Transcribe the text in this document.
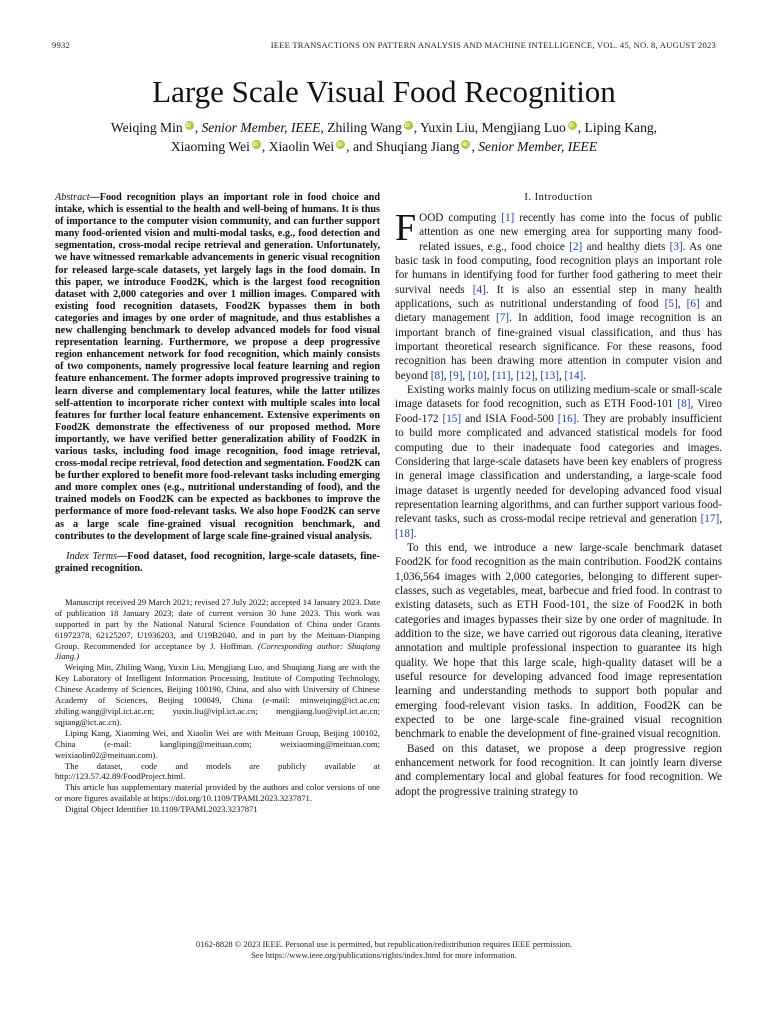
9932	IEEE TRANSACTIONS ON PATTERN ANALYSIS AND MACHINE INTELLIGENCE, VOL. 45, NO. 8, AUGUST 2023
Large Scale Visual Food Recognition
Weiqing Min iD , Senior Member, IEEE, Zhiling Wang iD , Yuxin Liu, Mengjiang Luo iD , Liping Kang,
Xiaoming Wei iD , Xiaolin Wei iD , and Shuqiang Jiang iD , Senior Member, IEEE
Abstract—Food recognition plays an important role in food choice and intake, which is essential to the health and well-being of humans. It is thus of importance to the computer vision community, and can further support many food-oriented vision and multi-modal tasks, e.g., food detection and segmentation, cross-modal recipe retrieval and generation. Unfortunately, we have witnessed remarkable advancements in generic visual recognition for released large-scale datasets, yet largely lags in the food domain. In this paper, we introduce Food2K, which is the largest food recognition dataset with 2,000 categories and over 1 million images. Compared with existing food recognition datasets, Food2K bypasses them in both categories and images by one order of magnitude, and thus establishes a new challenging benchmark to develop advanced models for food visual representation learning. Furthermore, we propose a deep progressive region enhancement network for food recognition, which mainly consists of two components, namely progressive local feature learning and region feature enhancement. The former adopts improved progressive training to learn diverse and complementary local features, while the latter utilizes self-attention to incorporate richer context with multiple scales into local features for further local feature enhancement. Extensive experiments on Food2K demonstrate the effectiveness of our proposed method. More importantly, we have verified better generalization ability of Food2K in various tasks, including food image recognition, food image retrieval, cross-modal recipe retrieval, food detection and segmentation. Food2K can be further explored to benefit more food-relevant tasks including emerging and more complex ones (e.g., nutritional understanding of food), and the trained models on Food2K can be expected as backbones to improve the performance of more food-relevant tasks. We also hope Food2K can serve as a large scale fine-grained visual recognition benchmark, and contributes to the development of large scale fine-grained visual analysis.
Index Terms—Food dataset, food recognition, large-scale datasets, fine-grained recognition.

Manuscript received 29 March 2021; revised 27 July 2022; accepted 14 January 2023. Date of publication 18 January 2023; date of current version 30 June 2023. This work was supported in part by the National Natural Science Foundation of China under Grants 61972378, 62125207, U1936203, and U19B2040, and in part by the Meituan-Dianping Group. Recommended for acceptance by J. Hoffman. (Corresponding author: Shuqiang Jiang.)

Weiqing Min, Zhiling Wang, Yuxin Liu, Mengjiang Luo, and Shuqiang Jiang are with the Key Laboratory of Intelligent Information Processing, Institute of Computing Technology, Chinese Academy of Sciences, Beijing 100190, China, and also with University of Chinese Academy of Sciences, Beijing 100049, China (e-mail: minweiqing@ict.ac.cn; zhiling.wang@vipl.ict.ac.cn; yuxin.liu@vipl.ict.ac.cn; mengjiang.luo@vipl.ict.ac.cn; sqjiang@ict.ac.cn).

Liping Kang, Xiaoming Wei, and Xiaolin Wei are with Meituan Group, Beijing 100102, China (e-mail: kangliping@meituan.com; weixiaoming@meituan.com; weixiaolin02@meituan.com).

The dataset, code and models are publicly available at http://123.57.42.89/FoodProject.html.

This article has supplementary material provided by the authors and color versions of one or more figures available at https://doi.org/10.1109/TPAMI.2023.3237871.

Digital Object Identifier 10.1109/TPAMI.2023.3237871

I. Introduction

FOOD computing [1] recently has come into the focus of public attention as one new emerging area for supporting many food-related issues, e.g., food choice [2] and healthy diets [3]. As one basic task in food computing, food recognition plays an important role for humans in identifying food for further food gathering to meet their survival needs [4]. It is also an essential step in many health applications, such as nutritional understanding of food [5], [6] and dietary management [7]. In addition, food image recognition is an important branch of fine-grained visual classification, and thus has important theoretical research significance. For these reasons, food recognition has been drawing more attention in computer vision and beyond [8], [9], [10], [11], [12], [13], [14].

Existing works mainly focus on utilizing medium-scale or small-scale image datasets for food recognition, such as ETH Food-101 [8], Vireo Food-172 [15] and ISIA Food-500 [16]. They are probably insufficient to build more complicated and advanced statistical models for food computing due to their inadequate food categories and images. Considering that large-scale datasets have been key enablers of progress in general image classification and understanding, a large-scale food image dataset is urgently needed for developing advanced food visual representation learning algorithms, and can further support various food-relevant tasks, such as cross-modal recipe retrieval and generation [17], [18].

To this end, we introduce a new large-scale benchmark dataset Food2K for food recognition as the main contribution. Food2K contains 1,036,564 images with 2,000 categories, belonging to different super-classes, such as vegetables, meat, barbecue and fried food. In contrast to existing datasets, such as ETH Food-101, the size of Food2K in both categories and images bypasses their size by one order of magnitude. In addition to the size, we have carried out rigorous data cleaning, iterative annotation and multiple professional inspection to guarantee its high quality. We hope that this large scale, high-quality dataset will be a useful resource for developing advanced food image representation learning and understanding methods to support both popular and emerging food-relevant vision tasks. In addition, Food2K can be expected to be one large-scale fine-grained visual recognition benchmark to enable the development of fine-grained visual recognition.

Based on this dataset, we propose a deep progressive region enhancement network for food recognition. It can jointly learn diverse and complementary local and global features for food recognition. We adopt the progressive training strategy to

0162-8828 © 2023 IEEE. Personal use is permitted, but republication/redistribution requires IEEE permission.
See https://www.ieee.org/publications/rights/index.html for more information.
